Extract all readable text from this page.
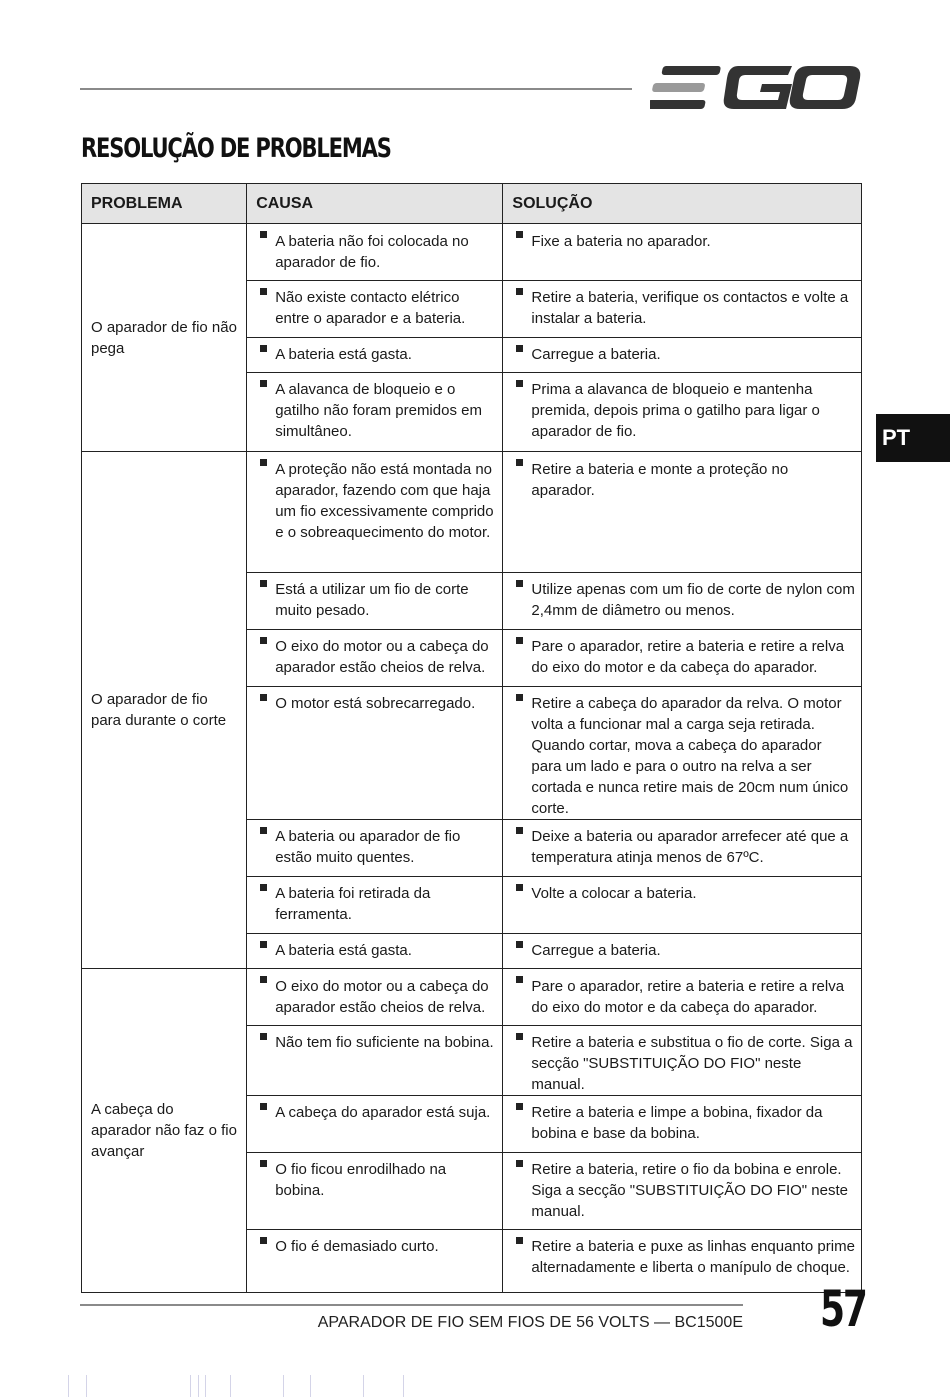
RESOLUÇÃO DE PROBLEMAS
PROBLEMA	CAUSA	SOLUÇÃO
O aparador de fio não pega	A bateria não foi colocada no aparador de fio.	Fixe a bateria no aparador.

	Não existe contacto elétrico entre o aparador e a bateria.	Retire a bateria, verifique os contactos e volte a instalar a bateria.

	A bateria está gasta.	Carregue a bateria.

	A alavanca de bloqueio e o gatilho não foram premidos em simultâneo.	Prima a alavanca de bloqueio e mantenha premida, depois prima o gatilho para ligar o aparador de fio.

O aparador de fio para durante o corte	A proteção não está montada no aparador, fazendo com que haja um fio excessivamente comprido e o sobreaquecimento do motor.	Retire a bateria e monte a proteção no aparador.

	Está a utilizar um fio de corte muito pesado.	Utilize apenas com um fio de corte de nylon com 2,4mm de diâmetro ou menos.

	O eixo do motor ou a cabeça do aparador estão cheios de relva.	Pare o aparador, retire a bateria e retire a relva do eixo do motor e da cabeça do aparador.

	O motor está sobrecarregado.	Retire a cabeça do aparador da relva. O motor volta a funcionar mal a carga seja retirada. Quando cortar, mova a cabeça do aparador para um lado e para o outro na relva a ser cortada e nunca retire mais de 20cm num único corte.

	A bateria ou aparador de fio estão muito quentes.	Deixe a bateria ou aparador arrefecer até que a temperatura atinja menos de 67ºC.

	A bateria foi retirada da ferramenta.	Volte a colocar a bateria.

	A bateria está gasta.	Carregue a bateria.

A cabeça do aparador não faz o fio avançar	O eixo do motor ou a cabeça do aparador estão cheios de relva.	Pare o aparador, retire a bateria e retire a relva do eixo do motor e da cabeça do aparador.

	Não tem fio suficiente na bobina.	Retire a bateria e substitua o fio de corte. Siga a secção "SUBSTITUIÇÃO DO FIO" neste manual.

	A cabeça do aparador está suja.	Retire a bateria e limpe a bobina, fixador da bobina e base da bobina.

	O fio ficou enrodilhado na bobina.	Retire a bateria, retire o fio da bobina e enrole. Siga a secção "SUBSTITUIÇÃO DO FIO" neste manual.

	O fio é demasiado curto.	Retire a bateria e puxe as linhas enquanto prime alternadamente e liberta o manípulo de choque.
PT
APARADOR DE FIO SEM FIOS DE 56 VOLTS — BC1500E 57
